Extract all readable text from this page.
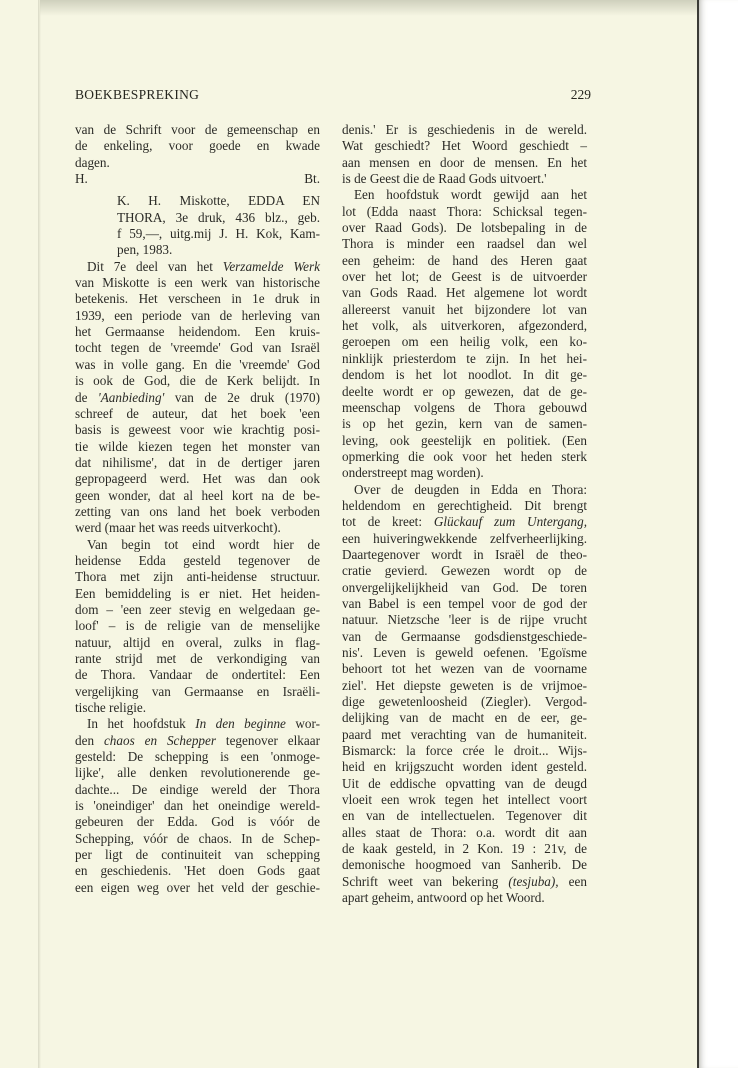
BOEKBESPREKING	229
van de Schrift voor de gemeenschap en
de enkeling, voor goede en kwade
dagen.
H.	Bt.
K. H. Miskotte, EDDA EN
THORA, 3e druk, 436 blz., geb.
f 59,—, uitg.mij J. H. Kok, Kam-
pen, 1983.
Dit 7e deel van het Verzamelde Werk
van Miskotte is een werk van historische
betekenis. Het verscheen in 1e druk in
1939, een periode van de herleving van
het Germaanse heidendom. Een kruis-
tocht tegen de 'vreemde' God van Israël
was in volle gang. En die 'vreemde' God
is ook de God, die de Kerk belijdt. In
de 'Aanbieding' van de 2e druk (1970)
schreef de auteur, dat het boek 'een
basis is geweest voor wie krachtig posi-
tie wilde kiezen tegen het monster van
dat nihilisme', dat in de dertiger jaren
gepropageerd werd. Het was dan ook
geen wonder, dat al heel kort na de be-
zetting van ons land het boek verboden
werd (maar het was reeds uitverkocht).
Van begin tot eind wordt hier de
heidense Edda gesteld tegenover de
Thora met zijn anti-heidense structuur.
Een bemiddeling is er niet. Het heiden-
dom – 'een zeer stevig en welgedaan ge-
loof' – is de religie van de menselijke
natuur, altijd en overal, zulks in flag-
rante strijd met de verkondiging van
de Thora. Vandaar de ondertitel: Een
vergelijking van Germaanse en Israëli-
tische religie.
In het hoofdstuk In den beginne wor-
den chaos en Schepper tegenover elkaar
gesteld: De schepping is een 'onmoge-
lijke', alle denken revolutionerende ge-
dachte... De eindige wereld der Thora
is 'oneindiger' dan het oneindige wereld-
gebeuren der Edda. God is vóór de
Schepping, vóór de chaos. In de Schep-
per ligt de continuiteit van schepping
en geschiedenis. 'Het doen Gods gaat
een eigen weg over het veld der geschie-
denis.' Er is geschiedenis in de wereld.
Wat geschiedt? Het Woord geschiedt –
aan mensen en door de mensen. En het
is de Geest die de Raad Gods uitvoert.'
Een hoofdstuk wordt gewijd aan het
lot (Edda naast Thora: Schicksal tegen-
over Raad Gods). De lotsbepaling in de
Thora is minder een raadsel dan wel
een geheim: de hand des Heren gaat
over het lot; de Geest is de uitvoerder
van Gods Raad. Het algemene lot wordt
allereerst vanuit het bijzondere lot van
het volk, als uitverkoren, afgezonderd,
geroepen om een heilig volk, een ko-
ninklijk priesterdom te zijn. In het hei-
dendom is het lot noodlot. In dit ge-
deelte wordt er op gewezen, dat de ge-
meenschap volgens de Thora gebouwd
is op het gezin, kern van de samen-
leving, ook geestelijk en politiek. (Een
opmerking die ook voor het heden sterk
onderstreept mag worden).
Over de deugden in Edda en Thora:
heldendom en gerechtigheid. Dit brengt
tot de kreet: Glückauf zum Untergang,
een huiveringwekkende zelfverheerlijking.
Daartegenover wordt in Israël de theo-
cratie gevierd. Gewezen wordt op de
onvergelijkelijkheid van God. De toren
van Babel is een tempel voor de god der
natuur. Nietzsche 'leer is de rijpe vrucht
van de Germaanse godsdienstgeschiede-
nis'. Leven is geweld oefenen. 'Egoïsme
behoort tot het wezen van de voorname
ziel'. Het diepste geweten is de vrijmoe-
dige gewetenloosheid (Ziegler). Vergod-
delijking van de macht en de eer, ge-
paard met verachting van de humaniteit.
Bismarck: la force crée le droit... Wijs-
heid en krijgszucht worden ident gesteld.
Uit de eddische opvatting van de deugd
vloeit een wrok tegen het intellect voort
en van de intellectuelen. Tegenover dit
alles staat de Thora: o.a. wordt dit aan
de kaak gesteld, in 2 Kon. 19 : 21v, de
demonische hoogmoed van Sanherib. De
Schrift weet van bekering (tesjuba), een
apart geheim, antwoord op het Woord.
